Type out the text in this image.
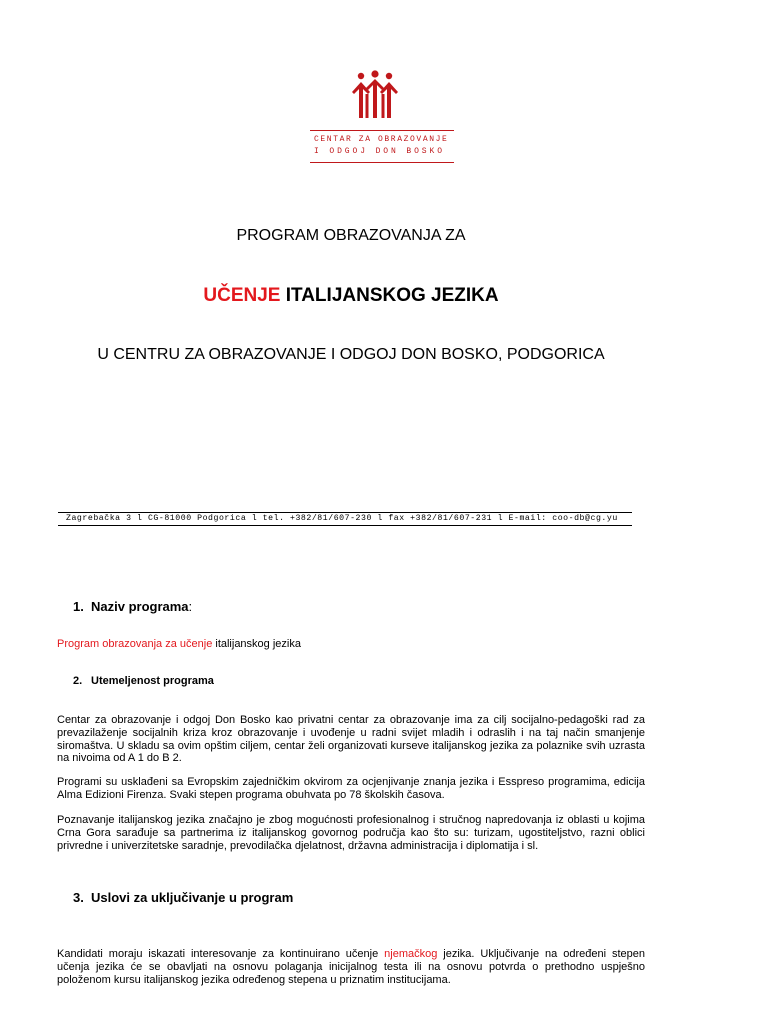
CENTAR ZA OBRAZOVANJE
I ODGOJ DON BOSKO
PROGRAM OBRAZOVANJA ZA
UČENJE ITALIJANSKOG JEZIKA
U CENTRU ZA OBRAZOVANJE I ODGOJ DON BOSKO, PODGORICA
Zagrebačka 3 l CG-81000 Podgorica l tel. +382/81/607-230 l fax +382/81/607-231 l E-mail: coo-db@cg.yu
1. Naziv programa:
Program obrazovanja za učenje italijanskog jezika
2. Utemeljenost programa
Centar za obrazovanje i odgoj Don Bosko kao privatni centar za obrazovanje ima za cilj socijalno-pedagoški rad za prevazilaženje socijalnih kriza kroz obrazovanje i uvođenje u radni svijet mladih i odraslih i na taj način smanjenje siromaštva. U skladu sa ovim opštim ciljem, centar želi organizovati kurseve italijanskog jezika za polaznike svih uzrasta na nivoima od A 1 do B 2.
Programi su usklađeni sa Evropskim zajedničkim okvirom za ocjenjivanje znanja jezika i Esspreso programima, edicija Alma Edizioni Firenza. Svaki stepen programa obuhvata po 78 školskih časova.
Poznavanje italijanskog jezika značajno je zbog mogućnosti profesionalnog i stručnog napredovanja iz oblasti u kojima Crna Gora sarađuje sa partnerima iz italijanskog govornog područja kao što su: turizam, ugostiteljstvo, razni oblici privredne i univerzitetske saradnje, prevodilačka djelatnost, državna administracija i diplomatija i sl.
3. Uslovi za uključivanje u program
Kandidati moraju iskazati interesovanje za kontinuirano učenje njemačkog jezika. Uključivanje na određeni stepen učenja jezika će se obavljati na osnovu polaganja inicijalnog testa ili na osnovu potvrda o prethodno uspješno položenom kursu italijanskog jezika određenog stepena u priznatim institucijama.
